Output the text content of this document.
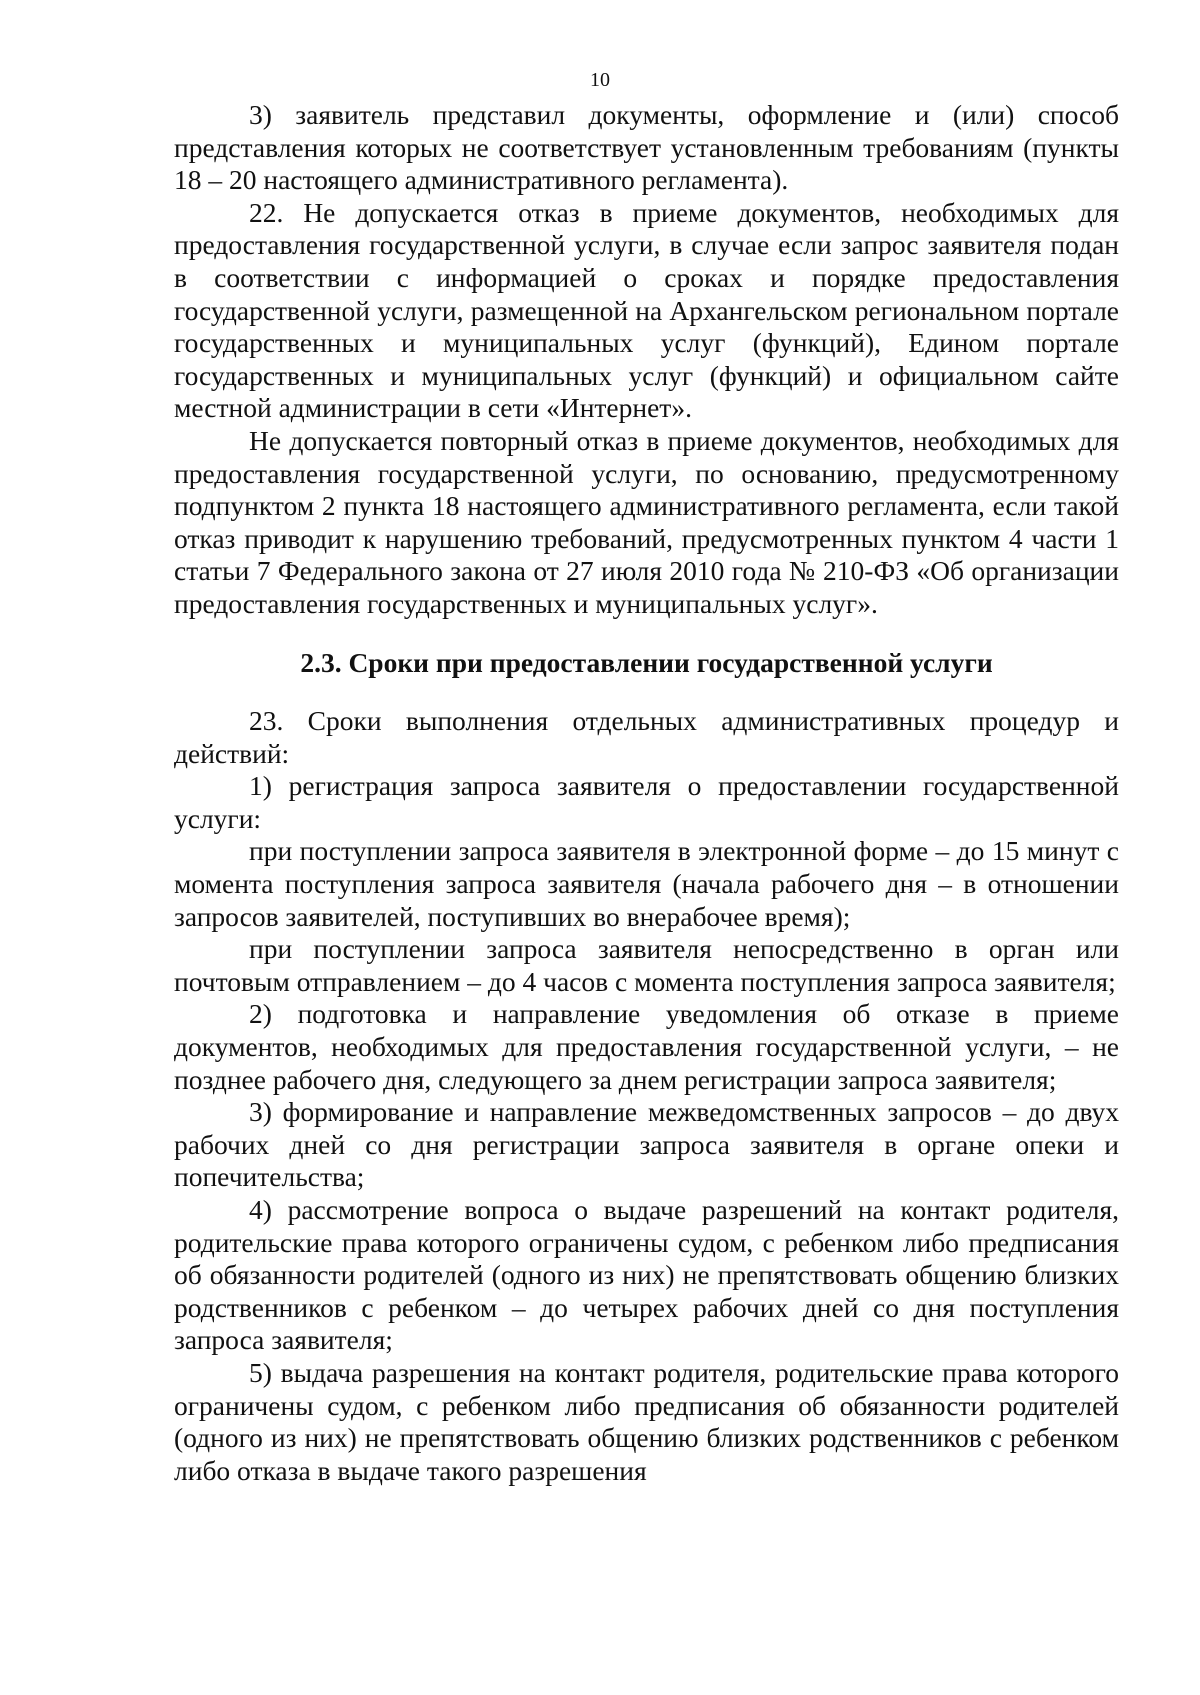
10

3) заявитель представил документы, оформление и (или) способ представления которых не соответствует установленным требованиям (пункты 18 – 20 настоящего административного регламента).

22. Не допускается отказ в приеме документов, необходимых для предоставления государственной услуги, в случае если запрос заявителя подан в соответствии с информацией о сроках и порядке предоставления государственной услуги, размещенной на Архангельском региональном портале государственных и муниципальных услуг (функций), Едином портале государственных и муниципальных услуг (функций) и официальном сайте местной администрации в сети «Интернет».

Не допускается повторный отказ в приеме документов, необходимых для предоставления государственной услуги, по основанию, предусмотренному подпунктом 2 пункта 18 настоящего административного регламента, если такой отказ приводит к нарушению требований, предусмотренных пунктом 4 части 1 статьи 7 Федерального закона от 27 июля 2010 года № 210-ФЗ «Об организации предоставления государственных и муниципальных услуг».

2.3. Сроки при предоставлении государственной услуги

23. Сроки выполнения отдельных административных процедур и действий:

1) регистрация запроса заявителя о предоставлении государственной услуги:

при поступлении запроса заявителя в электронной форме – до 15 минут с момента поступления запроса заявителя (начала рабочего дня – в отношении запросов заявителей, поступивших во внерабочее время);

при поступлении запроса заявителя непосредственно в орган или почтовым отправлением – до 4 часов с момента поступления запроса заявителя;

2) подготовка и направление уведомления об отказе в приеме документов, необходимых для предоставления государственной услуги, – не позднее рабочего дня, следующего за днем регистрации запроса заявителя;

3) формирование и направление межведомственных запросов – до двух рабочих дней со дня регистрации запроса заявителя в органе опеки и попечительства;

4) рассмотрение вопроса о выдаче разрешений на контакт родителя, родительские права которого ограничены судом, с ребенком либо предписания об обязанности родителей (одного из них) не препятствовать общению близких родственников с ребенком – до четырех рабочих дней со дня поступления запроса заявителя;

5) выдача разрешения на контакт родителя, родительские права которого ограничены судом, с ребенком либо предписания об обязанности родителей (одного из них) не препятствовать общению близких родственников с ребенком либо отказа в выдаче такого разрешения
